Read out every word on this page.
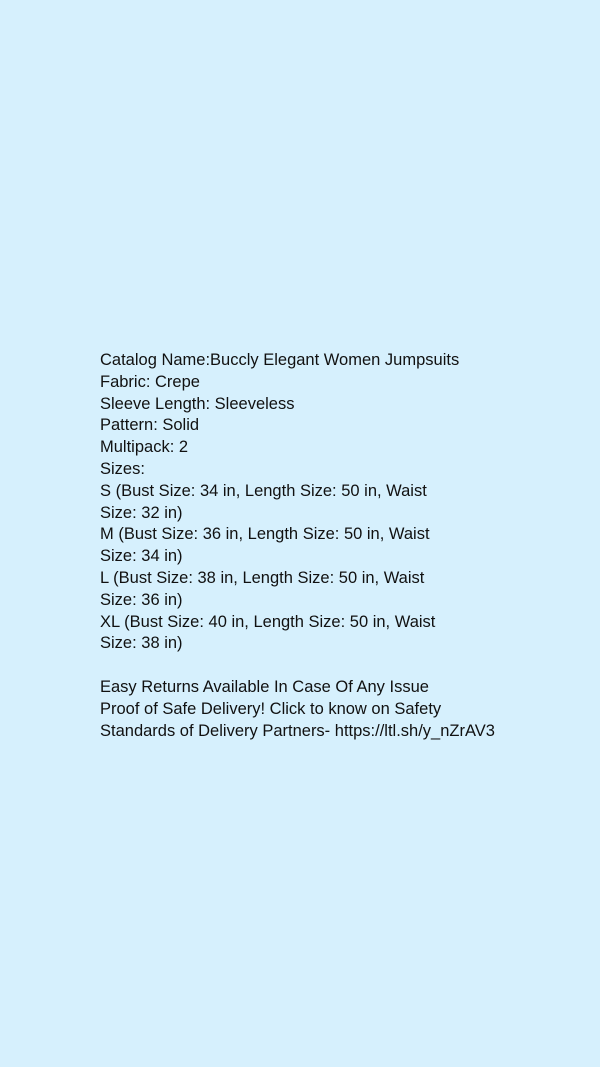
Catalog Name:Buccly Elegant Women Jumpsuits
Fabric: Crepe
Sleeve Length: Sleeveless
Pattern: Solid
Multipack: 2
Sizes:
S (Bust Size: 34 in, Length Size: 50 in, Waist
Size: 32 in)
M (Bust Size: 36 in, Length Size: 50 in, Waist
Size: 34 in)
L (Bust Size: 38 in, Length Size: 50 in, Waist
Size: 36 in)
XL (Bust Size: 40 in, Length Size: 50 in, Waist
Size: 38 in)
Easy Returns Available In Case Of Any Issue
Proof of Safe Delivery! Click to know on Safety
Standards of Delivery Partners- https://ltl.sh/y_nZrAV3
